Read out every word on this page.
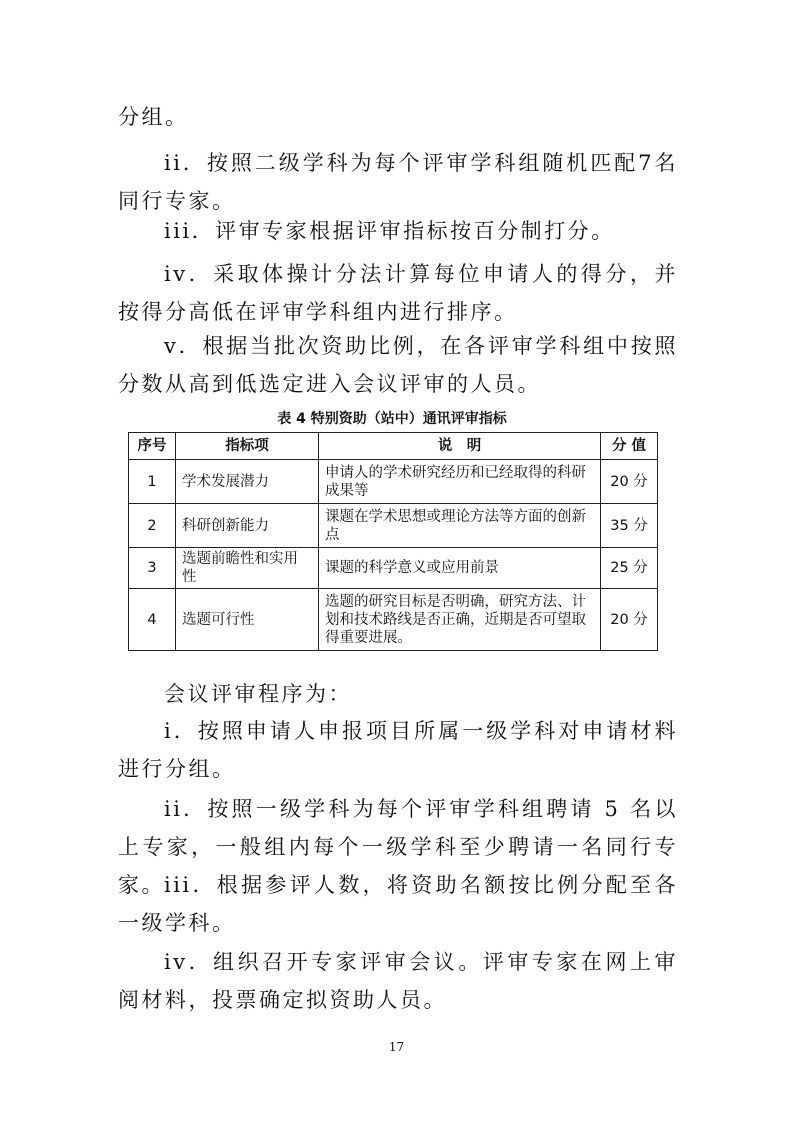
分组。

ii．按照二级学科为每个评审学科组随机匹配7名同行专家。

iii．评审专家根据评审指标按百分制打分。

iv．采取体操计分法计算每位申请人的得分，并按得分高低在评审学科组内进行排序。

v．根据当批次资助比例，在各评审学科组中按照分数从高到低选定进入会议评审的人员。

表 4 特别资助（站中）通讯评审指标

序号	指标项	说　明	分 值
1	学术发展潜力	申请人的学术研究经历和已经取得的科研成果等	20 分
2	科研创新能力	课题在学术思想或理论方法等方面的创新点	35 分
3	选题前瞻性和实用性	课题的科学意义或应用前景	25 分
4	选题可行性	选题的研究目标是否明确，研究方法、计划和技术路线是否正确，近期是否可望取得重要进展。	20 分

会议评审程序为：

i．按照申请人申报项目所属一级学科对申请材料进行分组。

ii．按照一级学科为每个评审学科组聘请 5 名以上专家，一般组内每个一级学科至少聘请一名同行专家。 iii．根据参评人数，将资助名额按比例分配至各一级学科。

iv．组织召开专家评审会议。评审专家在网上审阅材料，投票确定拟资助人员。

17
